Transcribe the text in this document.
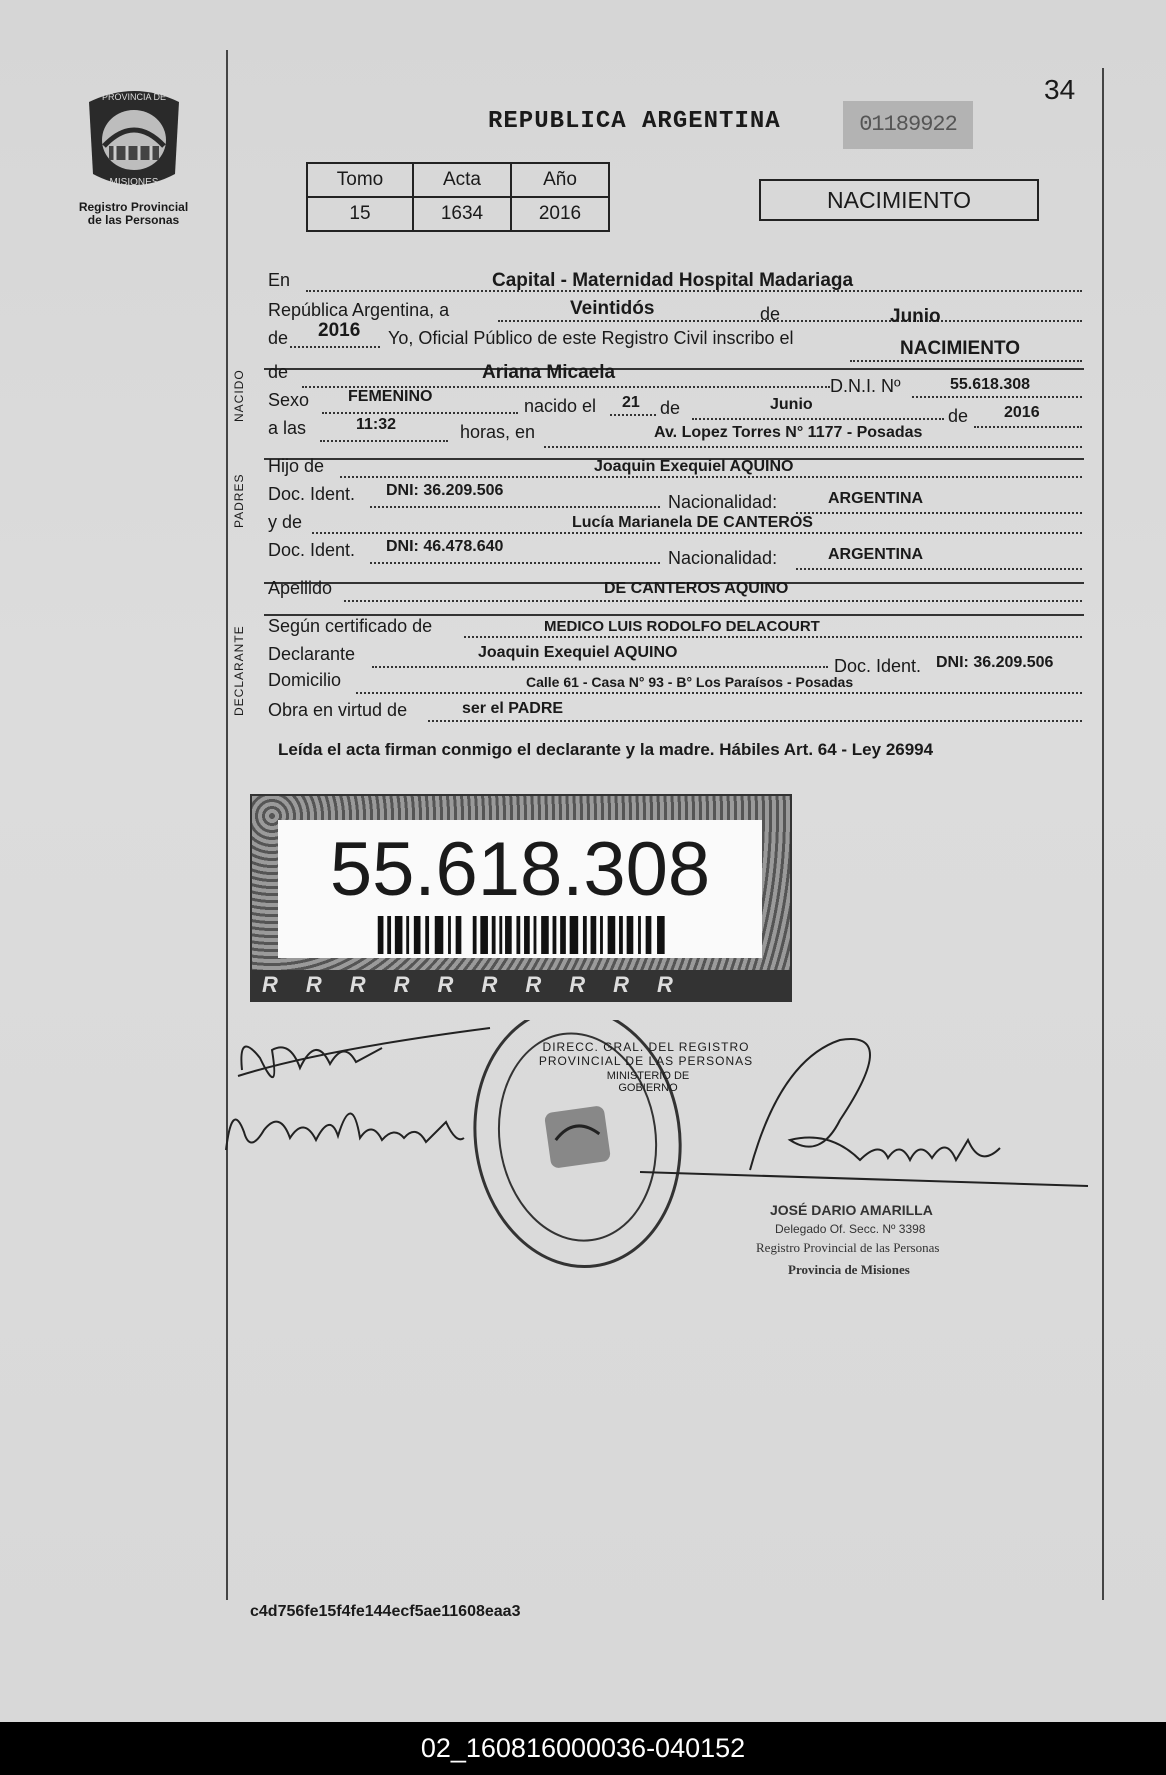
PROVINCIA DE
MISIONES
Registro Provincial
de las Personas
34
REPUBLICA ARGENTINA	01189922
Tomo	Acta	Año
15	1634	2016
NACIMIENTO
En	Capital - Maternidad Hospital Madariaga
República Argentina, a	Veintidós	de	Junio
de 2016 Yo, Oficial Público de este Registro Civil inscribo el	NACIMIENTO
NACIDO de	Ariana Micaela
D.N.I. Nº	55.618.308
Sexo FEMENINO	nacido el 21 de	Junio
de 2016
a las	11:32	horas, en	Av. Lopez Torres N° 1177 - Posadas
PADRES
Hijo de	Joaquin Exequiel AQUINO
Doc. Ident. DNI: 36.209.506
Nacionalidad:	ARGENTINA
y de	Lucía Marianela DE CANTEROS
Doc. Ident. DNI: 46.478.640
Nacionalidad:	ARGENTINA
Apellido	DE CANTEROS AQUINO
DECLARANTE Según certificado de	MEDICO LUIS RODOLFO DELACOURT
Declarante	Joaquin Exequiel AQUINO
Doc. Ident. DNI: 36.209.506
Domicilio	Calle 61 - Casa N° 93 - B° Los Paraísos - Posadas
Obra en virtud de	ser el PADRE
Leída el acta firman conmigo el declarante y la madre. Hábiles Art. 64 - Ley 26994
55.618.308
RRRRRRRRRR
DIRECC. GRAL. DEL REGISTRO PROVINCIAL DE LAS PERSONAS
MINISTERIO DE GOBIERNO
JOSÉ DARIO AMARILLA
Delegado Of. Secc. Nº 3398
Registro Provincial de las Personas
Provincia de Misiones
c4d756fe15f4fe144ecf5ae11608eaa3
02_160816000036-040152
